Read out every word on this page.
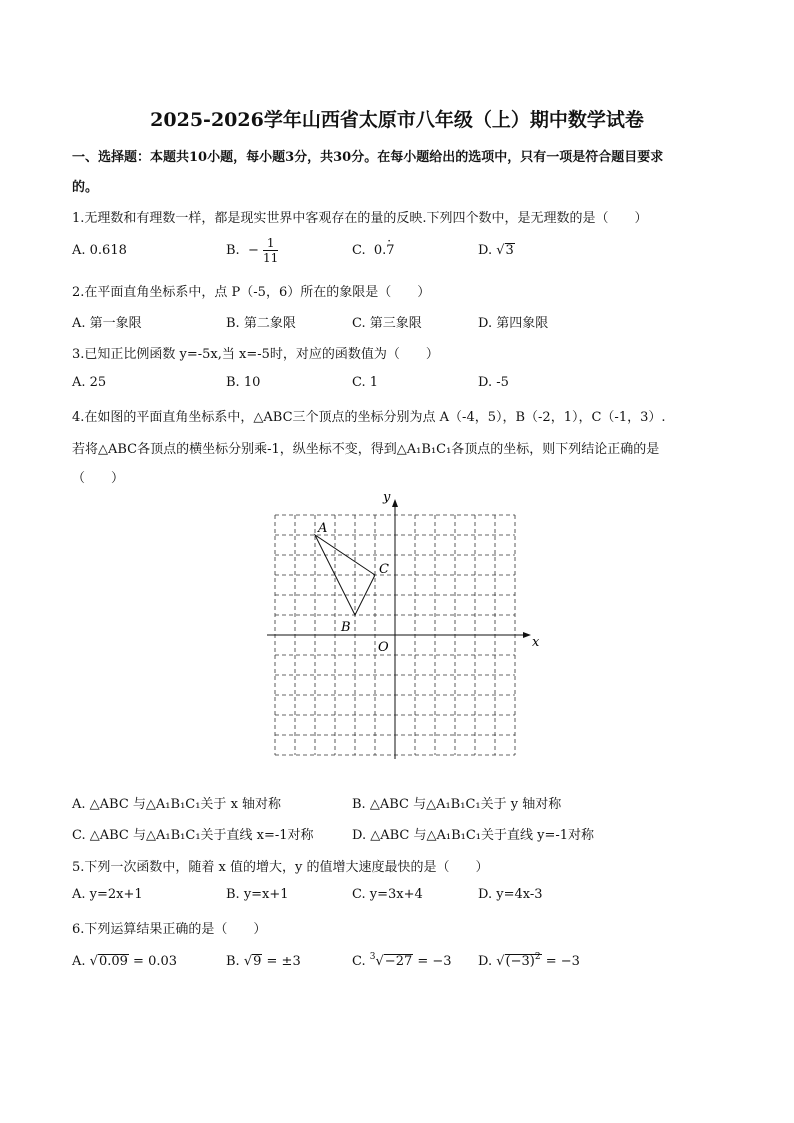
2025-2026学年山西省太原市八年级（上）期中数学试卷
一、选择题：本题共10小题，每小题3分，共30分。在每小题给出的选项中，只有一项是符合题目要求
的。
1.无理数和有理数一样，都是现实世界中客观存在的量的反映.下列四个数中，是无理数的是（　　）
A. 0.618	B. − $\frac{1}{11}$	C. 0.7 ·	D. √3
2.在平面直角坐标系中，点 P（-5，6）所在的象限是（　　）
A. 第一象限	B. 第二象限	C. 第三象限	D. 第四象限
3.已知正比例函数 y=-5x,当 x=-5时，对应的函数值为（　　）
A. 25	B. 10	C. 1	D. -5
4.在如图的平面直角坐标系中，△ABC三个顶点的坐标分别为点 A（-4，5），B（-2，1），C（-1，3）.
若将△ABC各顶点的横坐标分别乘-1，纵坐标不变，得到△A₁B₁C₁各顶点的坐标，则下列结论正确的是
（　　）
x
y
O
A
B
C
A. △ABC 与△A₁B₁C₁关于 x 轴对称	B. △ABC 与△A₁B₁C₁关于 y 轴对称
C. △ABC 与△A₁B₁C₁关于直线 x=-1对称	D. △ABC 与△A₁B₁C₁关于直线 y=-1对称
5.下列一次函数中，随着 x 值的增大，y 的值增大速度最快的是（　　）
A. y=2x+1	B. y=x+1	C. y=3x+4	D. y=4x-3
6.下列运算结果正确的是（　　）
A. √0.09 = 0.03	B. √9 = ±3	C. $^3$√−27 = −3 D. $√(-3)^2 = -3$
